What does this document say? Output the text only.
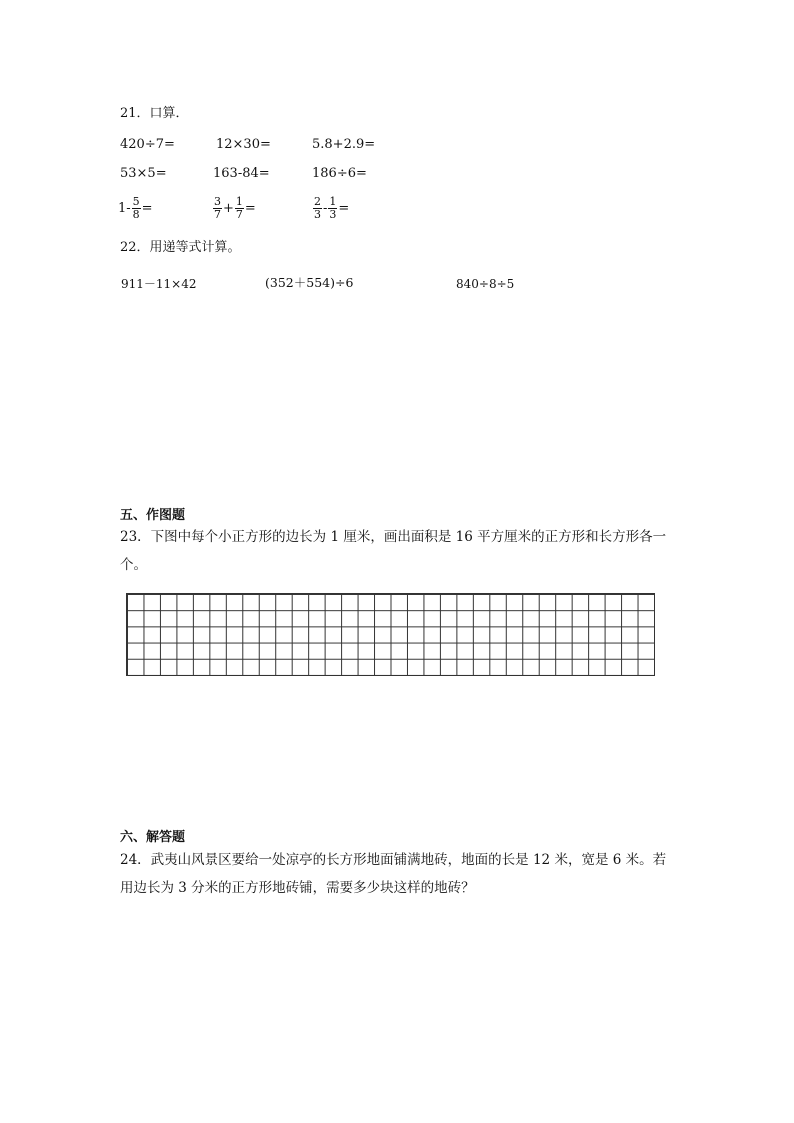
21．口算．
420÷7=	12×30=	5.8+2.9=
53×5=	163-84=	186÷6=
$1- \frac{5}{8}$ =	$\frac{3}{7} + \frac{1}{7}$ =	$\frac{2}{3} - \frac{1}{3}$ =
22．用递等式计算。
911－11×42	(352＋554)÷6	840÷8÷5
五、作图题
23．下图中每个小正方形的边长为 1 厘米，画出面积是 16 平方厘米的正方形和长方形各一个。
六、解答题
24．武夷山风景区要给一处凉亭的长方形地面铺满地砖，地面的长是 12 米，宽是 6 米。若用边长为 3 分米的正方形地砖铺，需要多少块这样的地砖？
